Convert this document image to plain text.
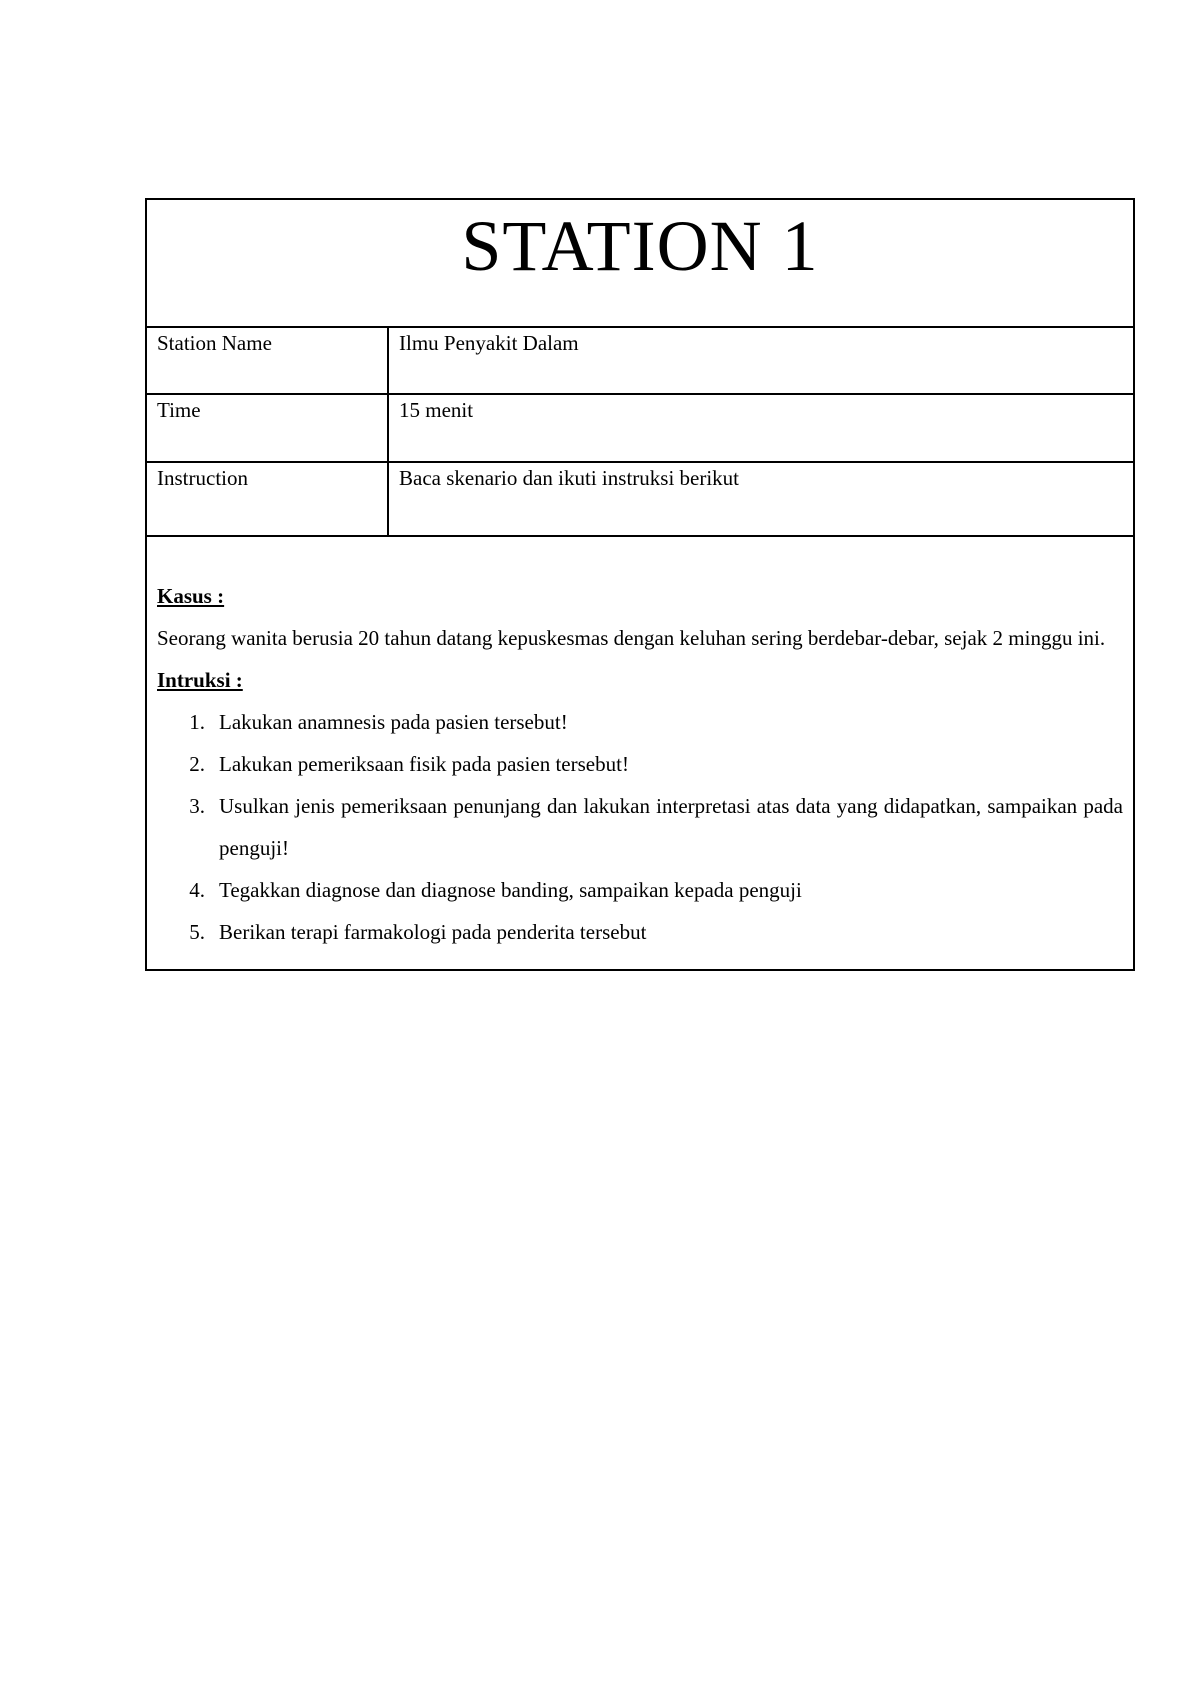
STATION 1
Station Name	Ilmu Penyakit Dalam
Time	15 menit
Instruction	Baca skenario dan ikuti instruksi berikut
Kasus :
Seorang wanita berusia 20 tahun datang kepuskesmas dengan keluhan sering berdebar-debar, sejak 2 minggu ini.
Intruksi :
1. Lakukan anamnesis pada pasien tersebut!
2. Lakukan pemeriksaan fisik pada pasien tersebut!
3. Usulkan jenis pemeriksaan penunjang dan lakukan interpretasi atas data yang didapatkan, sampaikan pada penguji!
4. Tegakkan diagnose dan diagnose banding, sampaikan kepada penguji
5. Berikan terapi farmakologi pada penderita tersebut
